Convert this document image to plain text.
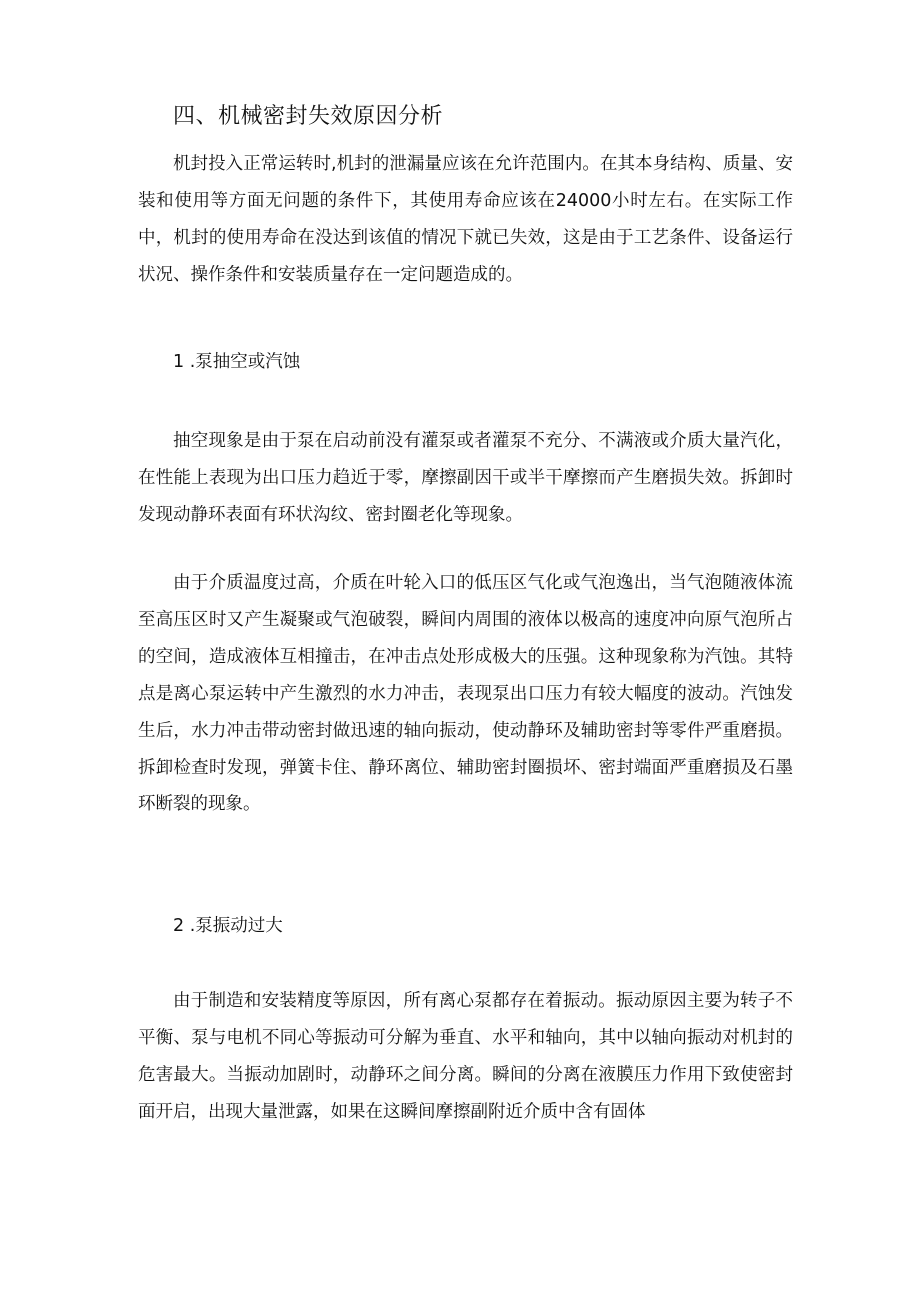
四、机械密封失效原因分析

机封投入正常运转时,机封的泄漏量应该在允许范围内。在其本身结构、质量、安装和使用等方面无问题的条件下，其使用寿命应该在24000小时左右。在实际工作中，机封的使用寿命在没达到该值的情况下就已失效，这是由于工艺条件、设备运行状况、操作条件和安装质量存在一定问题造成的。

1 .泵抽空或汽蚀

抽空现象是由于泵在启动前没有灌泵或者灌泵不充分、不满液或介质大量汽化，在性能上表现为出口压力趋近于零，摩擦副因干或半干摩擦而产生磨损失效。拆卸时发现动静环表面有环状沟纹、密封圈老化等现象。

由于介质温度过高，介质在叶轮入口的低压区气化或气泡逸出，当气泡随液体流至高压区时又产生凝聚或气泡破裂，瞬间内周围的液体以极高的速度冲向原气泡所占的空间，造成液体互相撞击，在冲击点处形成极大的压强。这种现象称为汽蚀。其特点是离心泵运转中产生激烈的水力冲击，表现泵出口压力有较大幅度的波动。汽蚀发生后，水力冲击带动密封做迅速的轴向振动，使动静环及辅助密封等零件严重磨损。拆卸检查时发现，弹簧卡住、静环离位、辅助密封圈损坏、密封端面严重磨损及石墨环断裂的现象。

2 .泵振动过大

由于制造和安装精度等原因，所有离心泵都存在着振动。振动原因主要为转子不平衡、泵与电机不同心等振动可分解为垂直、水平和轴向，其中以轴向振动对机封的危害最大。当振动加剧时，动静环之间分离。瞬间的分离在液膜压力作用下致使密封面开启，出现大量泄露，如果在这瞬间摩擦副附近介质中含有固体
